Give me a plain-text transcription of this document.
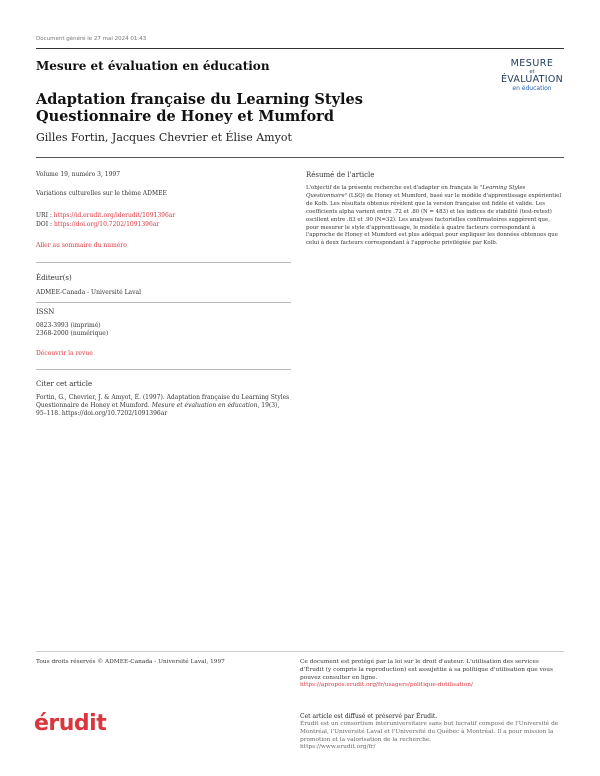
Document généré le 27 mai 2024 01:43
Mesure et évaluation en éducation	MESURE
et
ÉVALUATION
en éducation
Adaptation française du Learning Styles Questionnaire de Honey et Mumford
Gilles Fortin, Jacques Chevrier et Élise Amyot
Volume 19, numéro 3, 1997
Variations culturelles sur le thème ADMEE
URI : https://id.erudit.org/iderudit/1091396ar
DOI : https://doi.org/10.7202/1091396ar
Aller au sommaire du numéro
Éditeur(s)
ADMEE-Canada - Université Laval
ISSN
0823-3993 (imprimé)
2368-2000 (numérique)
Découvrir la revue
Citer cet article
Fortin, G., Chevrier, J. & Amyot, É. (1997). Adaptation française du Learning Styles Questionnaire de Honey et Mumford. Mesure et évaluation en éducation, 19(3), 95–118. https://doi.org/10.7202/1091396ar
Résumé de l'article
L'objectif de la présente recherche est d'adapter en français le "Learning Styles Questionnaire" (LSQ) de Honey et Mumford, basé sur le modèle d'apprentissage expérientiel de Kolb. Les résultats obtenus révèlent que la version française est fidèle et valide. Les coefficients alpha varient entre .72 et .80 (N = 483) et les indices de stabilité (test-retest) oscillent entre .83 et .90 (N=32). Les analyses factorielles confirmatoires suggèrent que, pour mesurer le style d'apprentissage, le modèle à quatre facteurs correspondant à l'approche de Honey et Mumford est plus adéquat pour expliquer les données obtenues que celui à deux facteurs correspondant à l'approche privilégiée par Kolb.
Tous droits réservés © ADMEE-Canada - Université Laval, 1997	Ce document est protégé par la loi sur le droit d'auteur. L'utilisation des services d'Érudit (y compris la reproduction) est assujettie à sa politique d'utilisation que vous pouvez consulter en ligne.
https://apropos.erudit.org/fr/usagers/politique-dutilisation/
érudit	Cet article est diffusé et préservé par Érudit.
Érudit est un consortium interuniversitaire sans but lucratif composé de l'Université de Montréal, l'Université Laval et l'Université du Québec à Montréal. Il a pour mission la promotion et la valorisation de la recherche.
https://www.erudit.org/fr/
